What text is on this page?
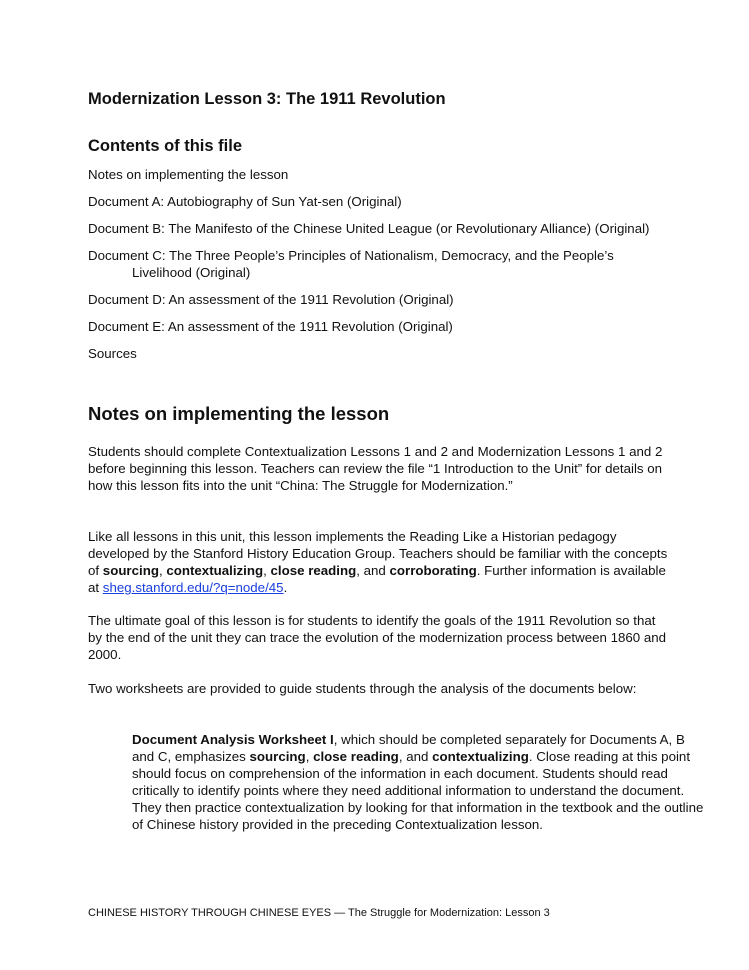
Modernization Lesson 3: The 1911 Revolution
Contents of this file
Notes on implementing the lesson
Document A: Autobiography of Sun Yat-sen (Original)
Document B: The Manifesto of the Chinese United League (or Revolutionary Alliance) (Original)
Document C: The Three People’s Principles of Nationalism, Democracy, and the People’s Livelihood (Original)
Document D: An assessment of the 1911 Revolution (Original)
Document E: An assessment of the 1911 Revolution (Original)
Sources
Notes on implementing the lesson

Students should complete Contextualization Lessons 1 and 2 and Modernization Lessons 1 and 2 before beginning this lesson. Teachers can review the file “1 Introduction to the Unit” for details on how this lesson fits into the unit “China: The Struggle for Modernization.”

Like all lessons in this unit, this lesson implements the Reading Like a Historian pedagogy developed by the Stanford History Education Group. Teachers should be familiar with the concepts of sourcing, contextualizing, close reading, and corroborating. Further information is available at sheg.stanford.edu/?q=node/45.

The ultimate goal of this lesson is for students to identify the goals of the 1911 Revolution so that by the end of the unit they can trace the evolution of the modernization process between 1860 and 2000.

Two worksheets are provided to guide students through the analysis of the documents below:

Document Analysis Worksheet I, which should be completed separately for Documents A, B and C, emphasizes sourcing, close reading, and contextualizing. Close reading at this point should focus on comprehension of the information in each document. Students should read critically to identify points where they need additional information to understand the document. They then practice contextualization by looking for that information in the textbook and the outline of Chinese history provided in the preceding Contextualization lesson.

CHINESE HISTORY THROUGH CHINESE EYES — The Struggle for Modernization: Lesson 3
